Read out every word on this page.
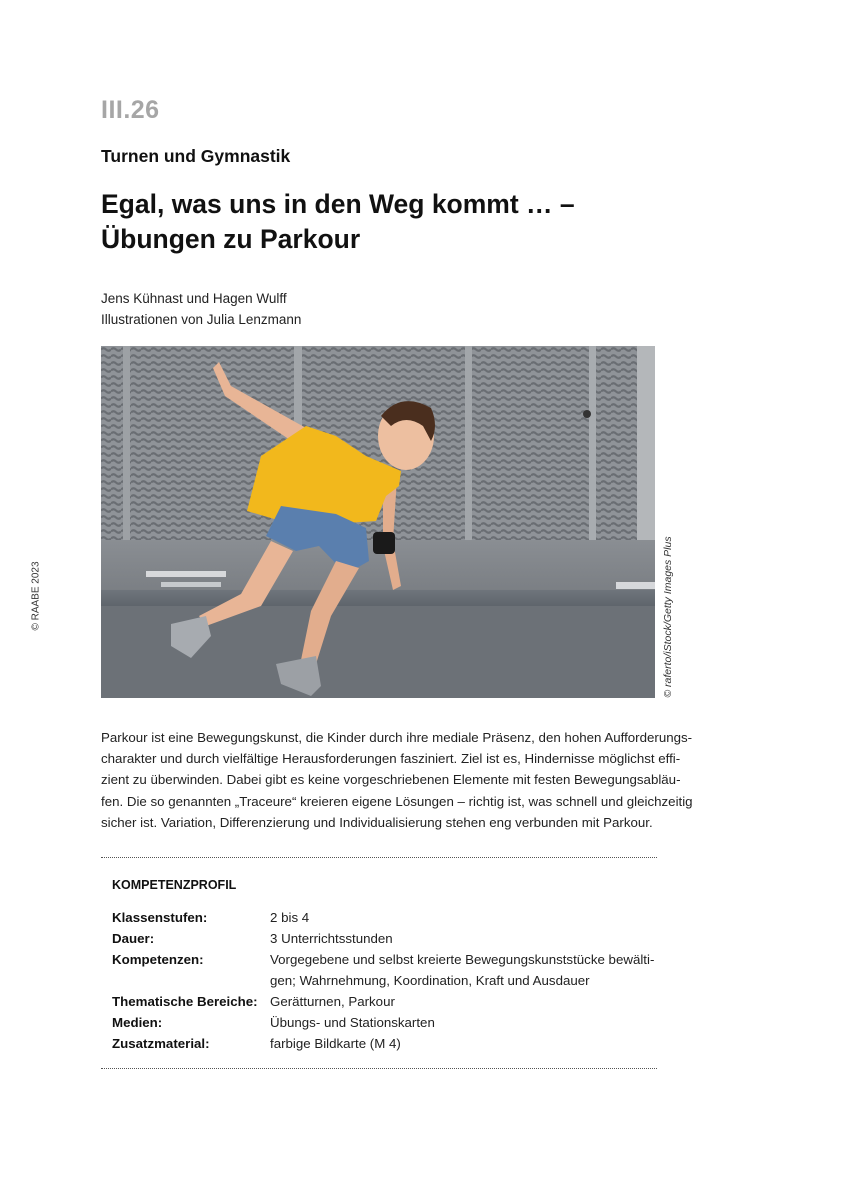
III.26
Turnen und Gymnastik
Egal, was uns in den Weg kommt … –
Übungen zu Parkour
Jens Kühnast und Hagen Wulff
Illustrationen von Julia Lenzmann
© RAABE 2023	© raferto/iStock/Getty Images Plus
Parkour ist eine Bewegungskunst, die Kinder durch ihre mediale Präsenz, den hohen Aufforderungs-
charakter und durch vielfältige Herausforderungen fasziniert. Ziel ist es, Hindernisse möglichst effi-
zient zu überwinden. Dabei gibt es keine vorgeschriebenen Elemente mit festen Bewegungsabläu-
fen. Die so genannten „Traceure“ kreieren eigene Lösungen – richtig ist, was schnell und gleichzeitig
sicher ist. Variation, Differenzierung und Individualisierung stehen eng verbunden mit Parkour.
KOMPETENZPROFIL
Klassenstufen:	2 bis 4
Dauer:	3 Unterrichtsstunden
Kompetenzen:	Vorgegebene und selbst kreierte Bewegungskunststücke bewälti-
gen; Wahrnehmung, Koordination, Kraft und Ausdauer
Thematische Bereiche: Gerätturnen, Parkour
Medien:	Übungs- und Stationskarten
Zusatzmaterial:	farbige Bildkarte (M 4)
